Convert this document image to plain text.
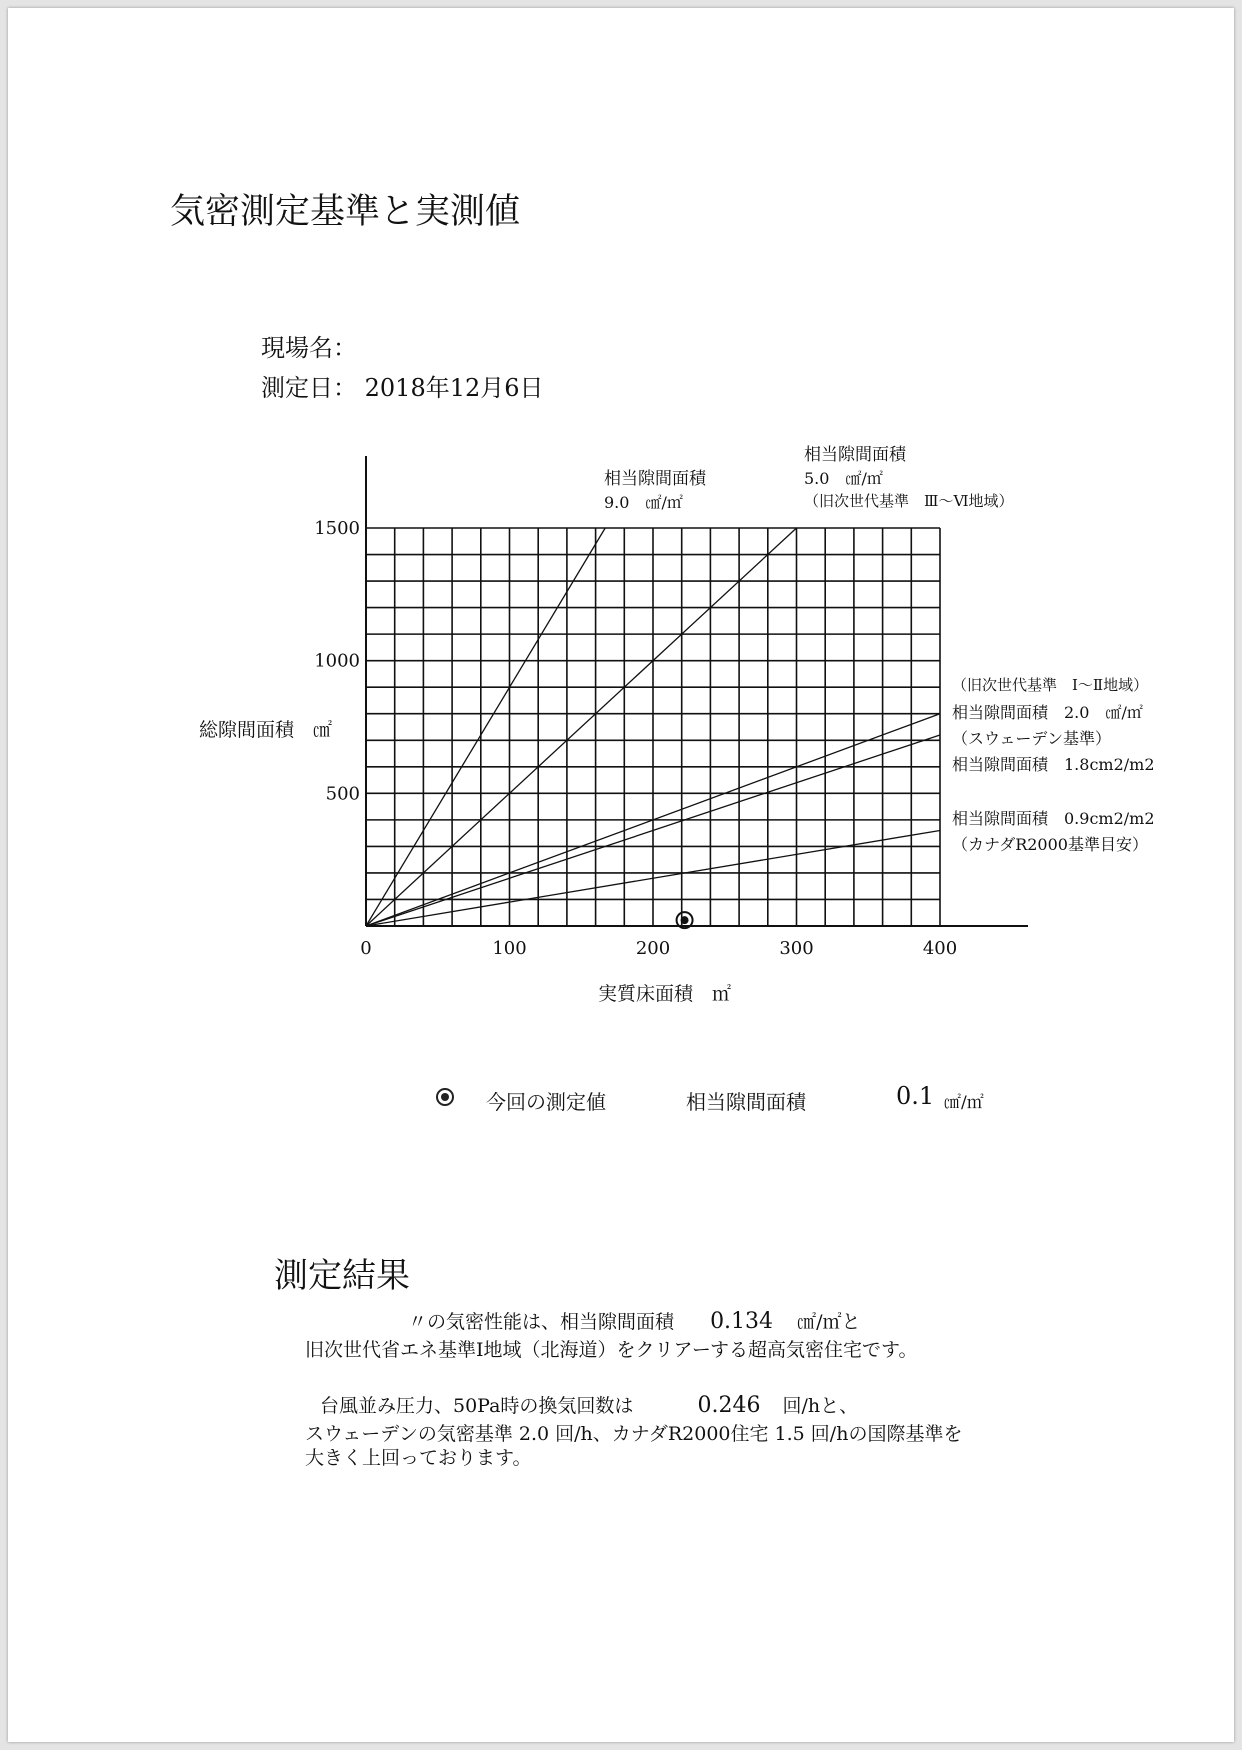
気密測定基準と実測値
現場名：
測定日： 2018年12月6日
0	100	200	300	400
500
1000
1500
相当隙間面積
9.0　㎠/㎡
相当隙間面積
5.0　㎠/㎡
（旧次世代基準　Ⅲ～Ⅵ地域）
（旧次世代基準　Ⅰ～Ⅱ地域）
相当隙間面積　2.0　㎠/㎡
（スウェーデン基準）
相当隙間面積　1.8cm2/m2
相当隙間面積　0.9cm2/m2
（カナダR2000基準目安）
実質床面積　㎡
総隙間面積　㎠
今回の測定値	相当隙間面積	0.1 ㎠/㎡
測定結果
〃の気密性能は、相当隙間面積 0.134 ㎠/㎡と
旧次世代省エネ基準Ⅰ地域（北海道）をクリアーする超高気密住宅です。
台風並み圧力、50Pa時の換気回数は	0.246 回/hと、
スウェーデンの気密基準 2.0 回/h、カナダR2000住宅 1.5 回/hの国際基準を
大きく上回っております。
